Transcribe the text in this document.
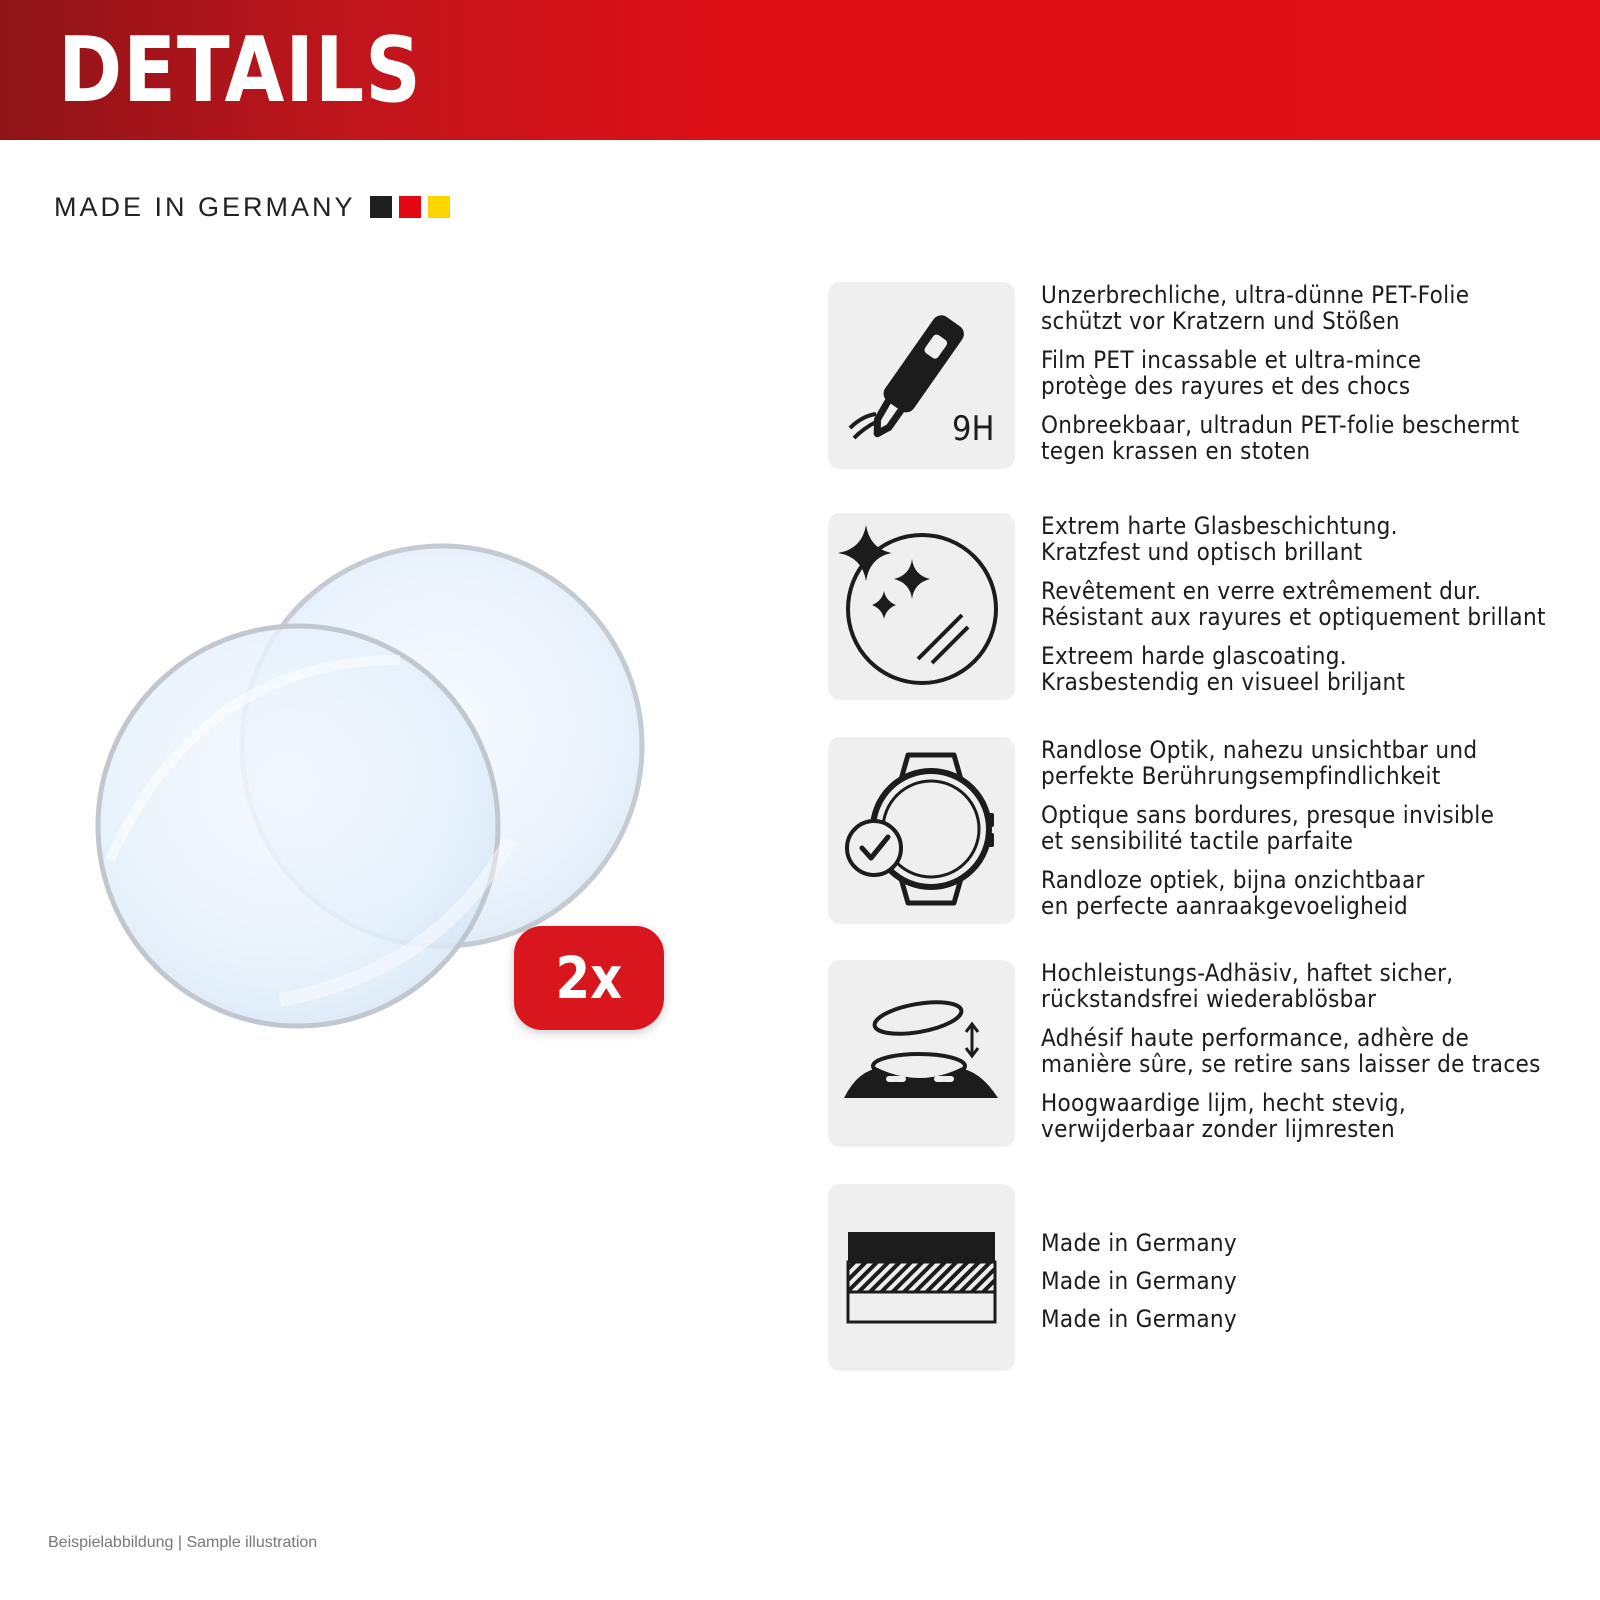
DETAILS
MADE IN GERMANY
2x
9H
Unzerbrechliche, ultra-dünne PET-Folie
schützt vor Kratzern und Stößen
Film PET incassable et ultra-mince
protège des rayures et des chocs
Onbreekbaar, ultradun PET-folie beschermt
tegen krassen en stoten
Extrem harte Glasbeschichtung.
Kratzfest und optisch brillant
Revêtement en verre extrêmement dur.
Résistant aux rayures et optiquement brillant
Extreem harde glascoating.
Krasbestendig en visueel briljant
Randlose Optik, nahezu unsichtbar und
perfekte Berührungsempfindlichkeit
Optique sans bordures, presque invisible
et sensibilité tactile parfaite
Randloze optiek, bijna onzichtbaar
en perfecte aanraakgevoeligheid
Hochleistungs-Adhäsiv, haftet sicher,
rückstandsfrei wiederablösbar
Adhésif haute performance, adhère de
manière sûre, se retire sans laisser de traces
Hoogwaardige lijm, hecht stevig,
verwijderbaar zonder lijmresten
Made in Germany
Made in Germany
Made in Germany
Beispielabbildung | Sample illustration
